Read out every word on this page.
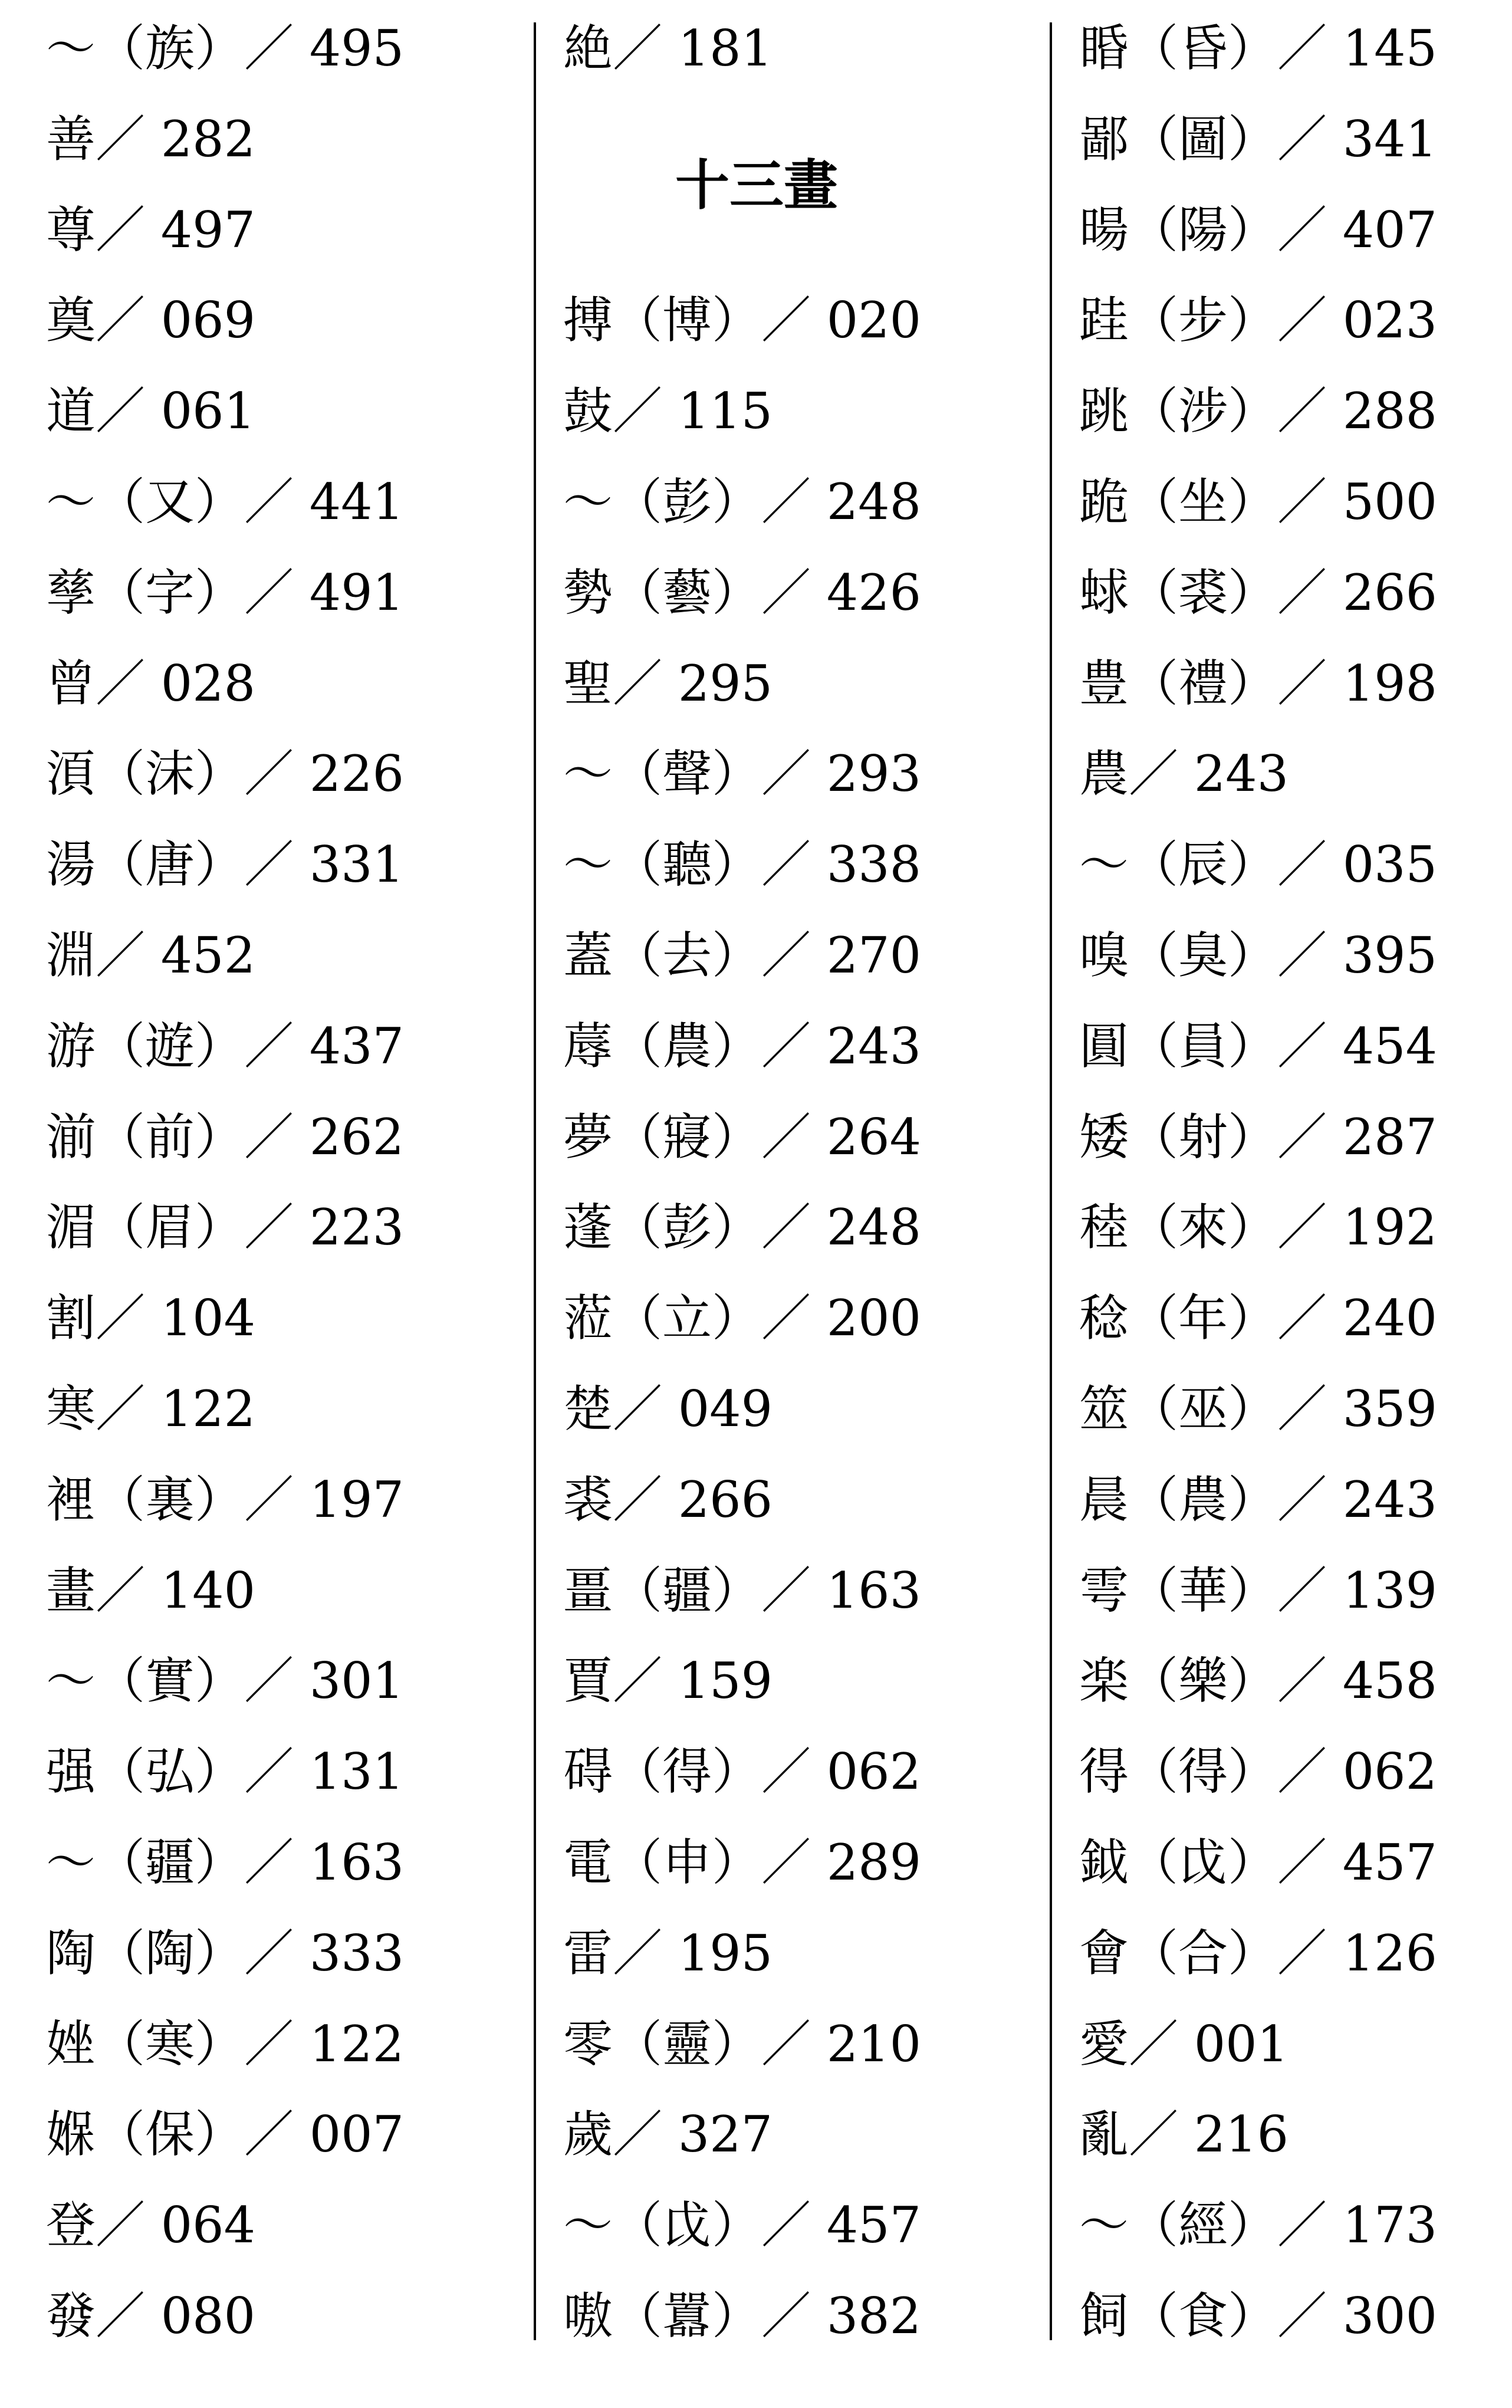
～（族）／ 495
善／ 282
尊／ 497
奠／ 069
道／ 061
～（又）／ 441
孳（字）／ 491
曾／ 028
湏（沫）／ 226
湯（唐）／ 331
淵／ 452
游（遊）／ 437
湔（前）／ 262
湄（眉）／ 223
割／ 104
寒／ 122
裡（裏）／ 197
畫／ 140
～（實）／ 301
强（弘）／ 131
～（疆）／ 163
陶（陶）／ 333
㛗（寒）／ 122
媬（保）／ 007
登／ 064
發／ 080
絶／ 181
十三畫
搏（博）／ 020
鼓／ 115
～（彭）／ 248
勢（藝）／ 426
聖／ 295
～（聲）／ 293
～（聽）／ 338
蓋（去）／ 270
蓐（農）／ 243
夢（寢）／ 264
蓬（彭）／ 248
蒞（立）／ 200
楚／ 049
裘／ 266
畺（疆）／ 163
賈／ 159
碍（得）／ 062
電（申）／ 289
雷／ 195
零（靈）／ 210
歲／ 327
～（戉）／ 457
嗷（囂）／ 382
睧（昏）／ 145
鄙（圖）／ 341
暘（陽）／ 407
跬（步）／ 023
跳（涉）／ 288
跪（坐）／ 500
蛷（裘）／ 266
豊（禮）／ 198
農／ 243
～（辰）／ 035
嗅（臭）／ 395
圓（員）／ 454
矮（射）／ 287
稑（來）／ 192
稔（年）／ 240
筮（巫）／ 359
晨（農）／ 243
雩（華）／ 139
楽（樂）／ 458
得（得）／ 062
鉞（戉）／ 457
會（合）／ 126
愛／ 001
亂／ 216
～（經）／ 173
飼（食）／ 300
